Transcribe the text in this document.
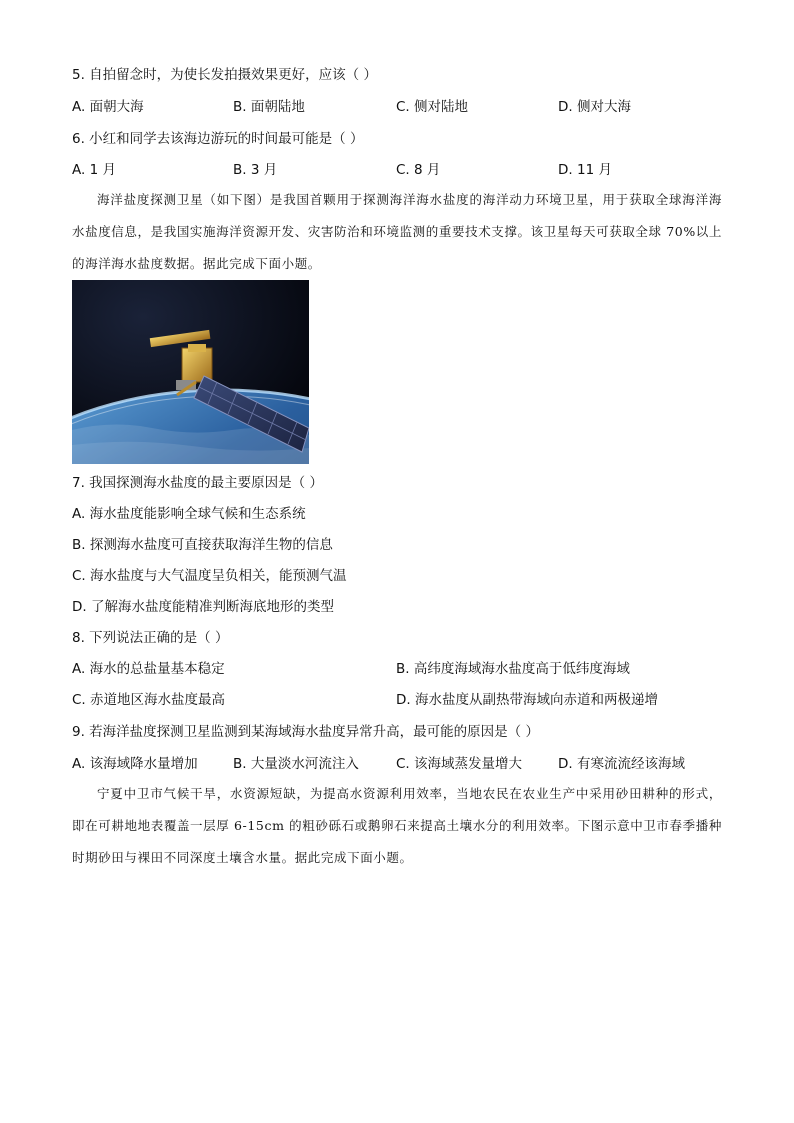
5. 自拍留念时，为使长发拍摄效果更好，应该（ ）
A. 面朝大海	B. 面朝陆地	C. 侧对陆地	D. 侧对大海
6. 小红和同学去该海边游玩的时间最可能是（ ）
A. 1 月	B. 3 月	C. 8 月	D. 11 月
海洋盐度探测卫星（如下图）是我国首颗用于探测海洋海水盐度的海洋动力环境卫星，用于获取全球海洋海水盐度信息，是我国实施海洋资源开发、灾害防治和环境监测的重要技术支撑。该卫星每天可获取全球 70%以上的海洋海水盐度数据。据此完成下面小题。
7. 我国探测海水盐度的最主要原因是（ ）
A. 海水盐度能影响全球气候和生态系统
B. 探测海水盐度可直接获取海洋生物的信息
C. 海水盐度与大气温度呈负相关，能预测气温
D. 了解海水盐度能精准判断海底地形的类型
8. 下列说法正确的是（ ）
A. 海水的总盐量基本稳定	B. 高纬度海域海水盐度高于低纬度海域
C. 赤道地区海水盐度最高	D. 海水盐度从副热带海域向赤道和两极递增
9. 若海洋盐度探测卫星监测到某海域海水盐度异常升高，最可能的原因是（ ）
A. 该海域降水量增加	B. 大量淡水河流注入	C. 该海域蒸发量增大	D. 有寒流流经该海域
宁夏中卫市气候干旱，水资源短缺，为提高水资源利用效率，当地农民在农业生产中采用砂田耕种的形式，即在可耕地地表覆盖一层厚 6-15cm 的粗砂砾石或鹅卵石来提高土壤水分的利用效率。下图示意中卫市春季播种时期砂田与裸田不同深度土壤含水量。据此完成下面小题。
